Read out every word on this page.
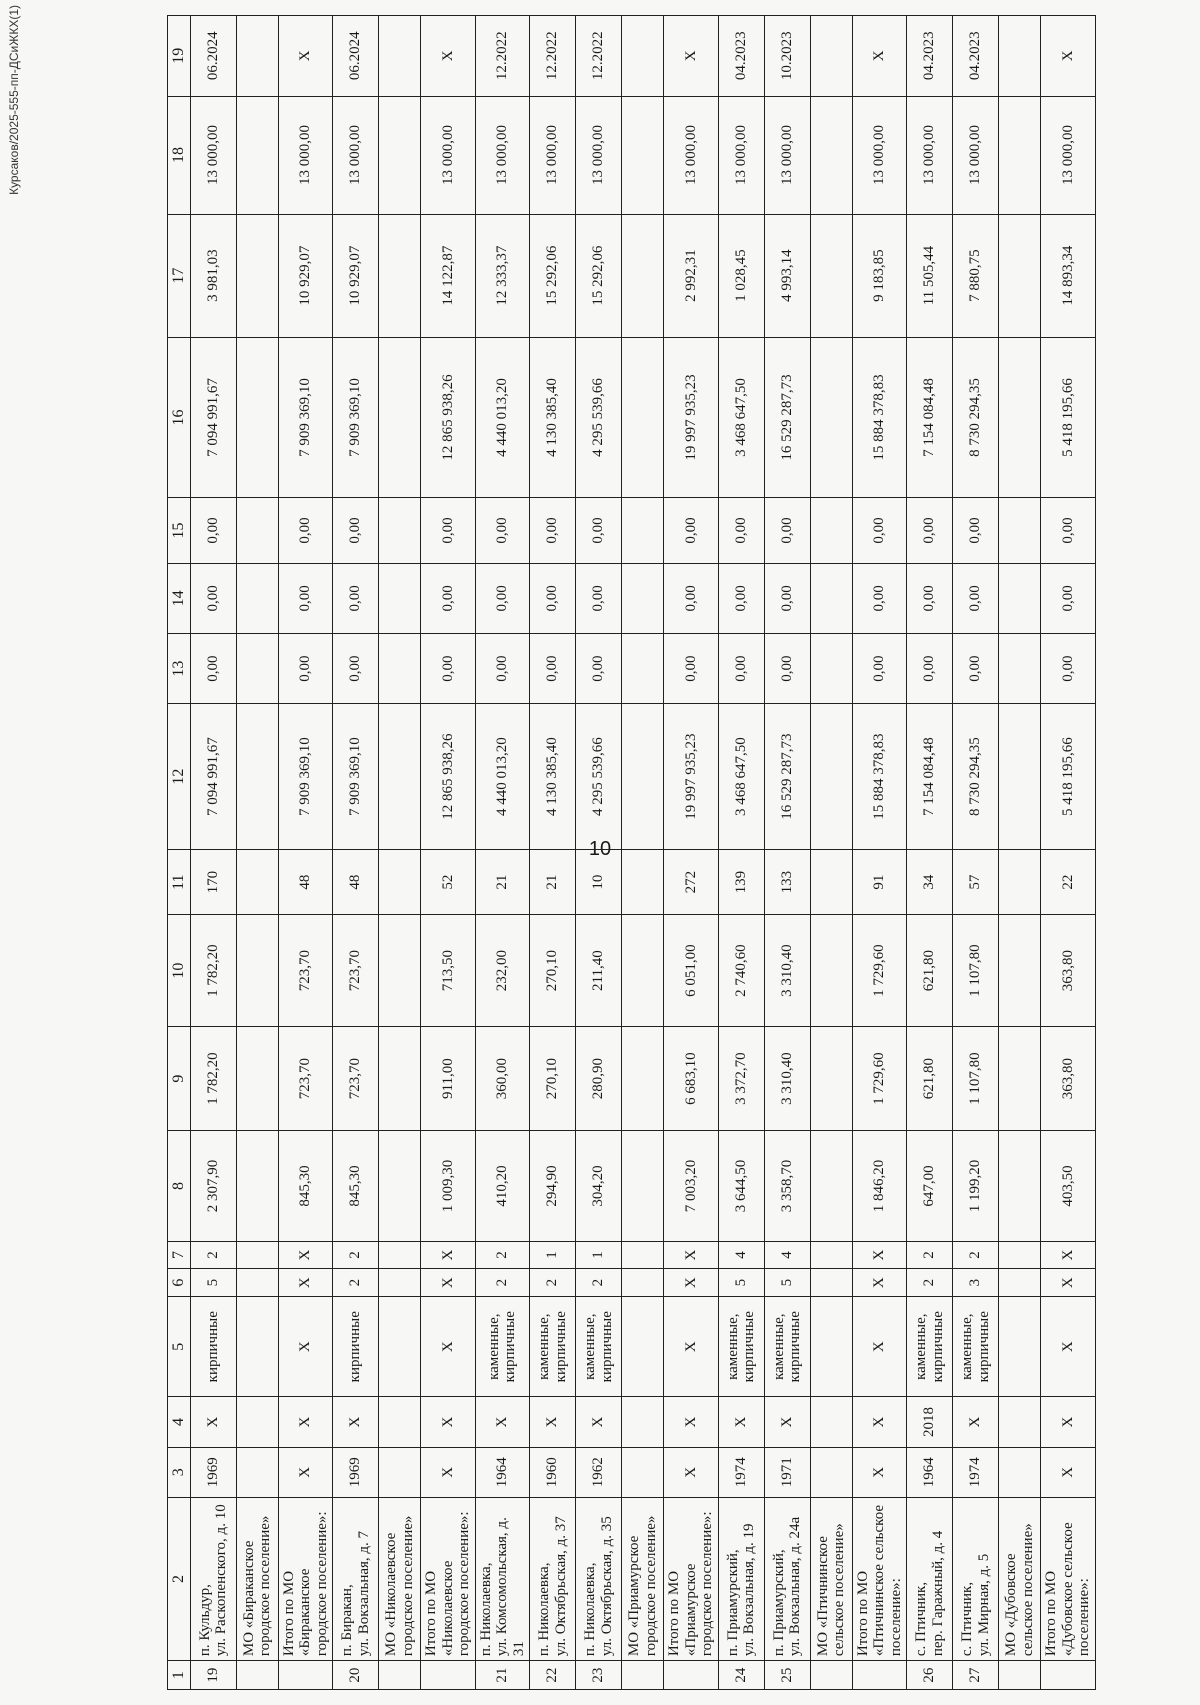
10
Курсаков/2025-555-пп-ДСиЖКХ(1)
1	2	3	4	5	6	7	8	9	10	11	12	13	14	15	16	17	18	19
19	п. Кульдур,
ул. Раскопенского, д. 10	1969	Х	кирпичные	5	2	2 307,90	1 782,20	1 782,20	170	7 094 991,67	0,00	0,00	0,00	7 094 991,67	3 981,03	13 000,00	06.2024
	МО «Бираканское городское поселение»																	
	Итого по МО «Бираканское городское поселение»:	Х	Х	Х	Х	Х	845,30	723,70	723,70	48	7 909 369,10	0,00	0,00	0,00	7 909 369,10	10 929,07	13 000,00	Х
20	п. Биракан,
ул. Вокзальная, д. 7	1969	Х	кирпичные	2	2	845,30	723,70	723,70	48	7 909 369,10	0,00	0,00	0,00	7 909 369,10	10 929,07	13 000,00	06.2024
	МО «Николаевское городское поселение»																	
	Итого по МО «Николаевское городское поселение»:	Х	Х	Х	Х	Х	1 009,30	911,00	713,50	52	12 865 938,26	0,00	0,00	0,00	12 865 938,26	14 122,87	13 000,00	Х
21	п. Николаевка,
ул. Комсомольская, д. 31	1964	Х	каменные,
кирпичные	2	2	410,20	360,00	232,00	21	4 440 013,20	0,00	0,00	0,00	4 440 013,20	12 333,37	13 000,00	12.2022
22	п. Николаевка,
ул. Октябрьская, д. 37	1960	Х	каменные,
кирпичные	2	1	294,90	270,10	270,10	21	4 130 385,40	0,00	0,00	0,00	4 130 385,40	15 292,06	13 000,00	12.2022
23	п. Николаевка,
ул. Октябрьская, д. 35	1962	Х	каменные,
кирпичные	2	1	304,20	280,90	211,40	10	4 295 539,66	0,00	0,00	0,00	4 295 539,66	15 292,06	13 000,00	12.2022
	МО «Приамурское городское поселение»																	
	Итого по МО «Приамурское городское поселение»:	Х	Х	Х	Х	Х	7 003,20	6 683,10	6 051,00	272	19 997 935,23	0,00	0,00	0,00	19 997 935,23	2 992,31	13 000,00	Х
24	п. Приамурский,
ул. Вокзальная, д. 19	1974	Х	каменные,
кирпичные	5	4	3 644,50	3 372,70	2 740,60	139	3 468 647,50	0,00	0,00	0,00	3 468 647,50	1 028,45	13 000,00	04.2023
25	п. Приамурский,
ул. Вокзальная, д. 24а	1971	Х	каменные,
кирпичные	5	4	3 358,70	3 310,40	3 310,40	133	16 529 287,73	0,00	0,00	0,00	16 529 287,73	4 993,14	13 000,00	10.2023
	МО «Птичнинское сельское поселение»																	
	Итого по МО «Птичнинское сельское поселение»:	Х	Х	Х	Х	Х	1 846,20	1 729,60	1 729,60	91	15 884 378,83	0,00	0,00	0,00	15 884 378,83	9 183,85	13 000,00	Х
26	с. Птичник,
пер. Гаражный, д. 4	1964	2018	каменные,
кирпичные	2	2	647,00	621,80	621,80	34	7 154 084,48	0,00	0,00	0,00	7 154 084,48	11 505,44	13 000,00	04.2023
27	с. Птичник,
ул. Мирная, д. 5	1974	Х	каменные,
кирпичные	3	2	1 199,20	1 107,80	1 107,80	57	8 730 294,35	0,00	0,00	0,00	8 730 294,35	7 880,75	13 000,00	04.2023
	МО «Дубовское сельское поселение»																	
	Итого по МО «Дубовское сельское поселение»:	Х	Х	Х	Х	Х	403,50	363,80	363,80	22	5 418 195,66	0,00	0,00	0,00	5 418 195,66	14 893,34	13 000,00	Х
